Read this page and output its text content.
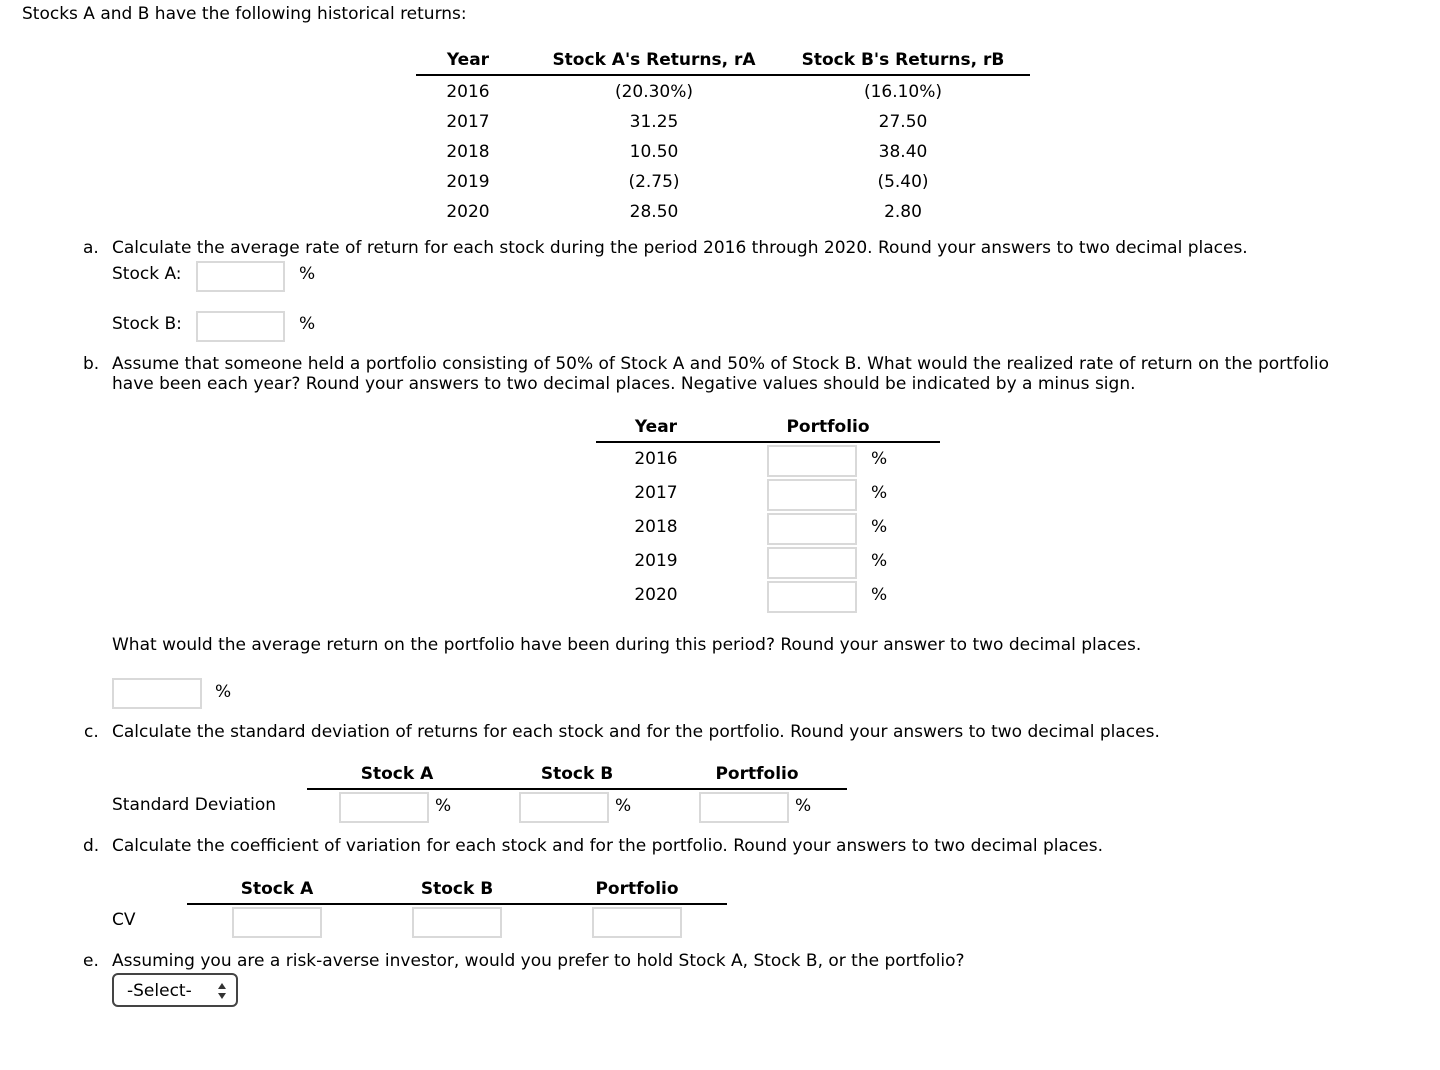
Stocks A and B have the following historical returns:
Year	Stock A's Returns, rA	Stock B's Returns, rB
2016	(20.30%)	(16.10%)
2017	31.25	27.50
2018	10.50	38.40
2019	(2.75)	(5.40)
2020	28.50	2.80
a. Calculate the average rate of return for each stock during the period 2016 through 2020. Round your answers to two decimal places.
Stock A:	%
Stock B:	%
b. Assume that someone held a portfolio consisting of 50% of Stock A and 50% of Stock B. What would the realized rate of return on the portfolio
have been each year? Round your answers to two decimal places. Negative values should be indicated by a minus sign.
Year	Portfolio
2016	%
2017	%
2018	%
2019	%
2020	%
What would the average return on the portfolio have been during this period? Round your answer to two decimal places.
%
c. Calculate the standard deviation of returns for each stock and for the portfolio. Round your answers to two decimal places.
Stock A	Stock B	Portfolio
Standard Deviation	%	%	%
d. Calculate the coefficient of variation for each stock and for the portfolio. Round your answers to two decimal places.
Stock A	Stock B	Portfolio
CV
e. Assuming you are a risk-averse investor, would you prefer to hold Stock A, Stock B, or the portfolio?
-Select-
